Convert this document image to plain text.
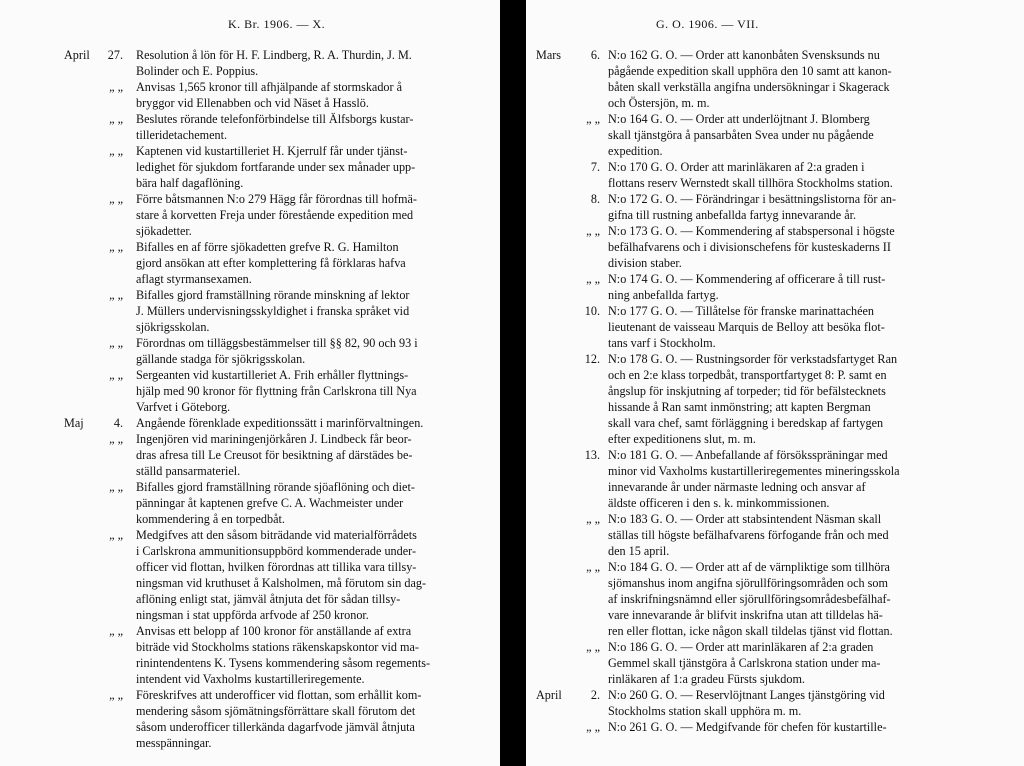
K. Br. 1906. — X.
April	27. Resolution å lön för H. F. Lindberg, R. A. Thurdin, J. M.
Bolinder och E. Poppius.
„ „ Anvisas 1,565 kronor till afhjälpande af stormskador å
bryggor vid Ellenabben och vid Näset å Hasslö.
„ „ Beslutes rörande telefonförbindelse till Älfsborgs kustar-
tilleridetachement.
„ „ Kaptenen vid kustartilleriet H. Kjerrulf får under tjänst-
ledighet för sjukdom fortfarande under sex månader upp-
bära half dagaflöning.
„ „ Förre båtsmannen N:o 279 Hägg får förordnas till hofmä-
stare å korvetten Freja under förestående expedition med
sjökadetter.
„ „ Bifalles en af förre sjökadetten grefve R. G. Hamilton
gjord ansökan att efter komplettering få förklaras hafva
aflagt styrmansexamen.
„ „ Bifalles gjord framställning rörande minskning af lektor
J. Müllers undervisningsskyldighet i franska språket vid
sjökrigsskolan.
„ „ Förordnas om tilläggsbestämmelser till §§ 82, 90 och 93 i
gällande stadga för sjökrigsskolan.
„ „ Sergeanten vid kustartilleriet A. Frih erhåller flyttnings-
hjälp med 90 kronor för flyttning från Carlskrona till Nya
Varfvet i Göteborg.
Maj	4. Angående förenklade expeditionssätt i marinförvaltningen.
„ „ Ingenjören vid mariningenjörkåren J. Lindbeck får beor-
dras afresa till Le Creusot för besiktning af därstädes be-
ställd pansarmateriel.
„ „ Bifalles gjord framställning rörande sjöaflöning och diet-
pänningar åt kaptenen grefve C. A. Wachmeister under
kommendering å en torpedbåt.
„ „ Medgifves att den såsom biträdande vid materialförrådets
i Carlskrona ammunitionsuppbörd kommenderade under-
officer vid flottan, hvilken förordnas att tillika vara tillsy-
ningsman vid kruthuset å Kalsholmen, må förutom sin dag-
aflöning enligt stat, jämväl åtnjuta det för sådan tillsy-
ningsman i stat uppförda arfvode af 250 kronor.
„ „ Anvisas ett belopp af 100 kronor för anställande af extra
biträde vid Stockholms stations räkenskapskontor vid ma-
rinintendentens K. Tysens kommendering såsom regements-
intendent vid Vaxholms kustartilleriregemente.
„ „ Föreskrifves att underofficer vid flottan, som erhållit kom-
mendering såsom sjömätningsförrättare skall förutom det
såsom underofficer tillerkända dagarfvode jämväl åtnjuta
messpänningar.
G. O. 1906. — VII.
Mars	6. N:o 162 G. O. — Order att kanonbåten Svensksunds nu
pågående expedition skall upphöra den 10 samt att kanon-
båten skall verkställa angifna undersökningar i Skagerack
och Östersjön, m. m.
„ „ N:o 164 G. O. — Order att underlöjtnant J. Blomberg
skall tjänstgöra å pansarbåten Svea under nu pågående
expedition.
7. N:o 170 G. O. Order att marinläkaren af 2:a graden i
flottans reserv Wernstedt skall tillhöra Stockholms station.
8. N:o 172 G. O. — Förändringar i besättningslistorna för an-
gifna till rustning anbefallda fartyg innevarande år.
„ „ N:o 173 G. O. — Kommendering af stabspersonal i högste
befälhafvarens och i divisionschefens för kusteskaderns II
division staber.
„ „ N:o 174 G. O. — Kommendering af officerare å till rust-
ning anbefallda fartyg.
10. N:o 177 G. O. — Tillåtelse för franske marinattachéen
lieutenant de vaisseau Marquis de Belloy att besöka flot-
tans varf i Stockholm.
12. N:o 178 G. O. — Rustningsorder för verkstadsfartyget Ran
och en 2:e klass torpedbåt, transportfartyget 8: P. samt en
ångslup för inskjutning af torpeder; tid för befälstecknets
hissande å Ran samt inmönstring; att kapten Bergman
skall vara chef, samt förläggning i beredskap af fartygen
efter expeditionens slut, m. m.
13. N:o 181 G. O. — Anbefallande af försöksspräningar med
minor vid Vaxholms kustartilleriregementes mineringsskola
innevarande år under närmaste ledning och ansvar af
äldste officeren i den s. k. minkommissionen.
„ „ N:o 183 G. O. — Order att stabsintendent Näsman skall
ställas till högste befälhafvarens förfogande från och med
den 15 april.
„ „ N:o 184 G. O. — Order att af de värnpliktige som tillhöra
sjömanshus inom angifna sjörullföringsområden och som
af inskrifningsnämnd eller sjörullföringsområdesbefälhaf-
vare innevarande år blifvit inskrifna utan att tilldelas hä-
ren eller flottan, icke någon skall tildelas tjänst vid flottan.
„ „ N:o 186 G. O. — Order att marinläkaren af 2:a graden
Gemmel skall tjänstgöra å Carlskrona station under ma-
rinläkaren af 1:a gradeu Fürsts sjukdom.
April	2. N:o 260 G. O. — Reservlöjtnant Langes tjänstgöring vid
Stockholms station skall upphöra m. m.
„ „ N:o 261 G. O. — Medgifvande för chefen för kustartille-
